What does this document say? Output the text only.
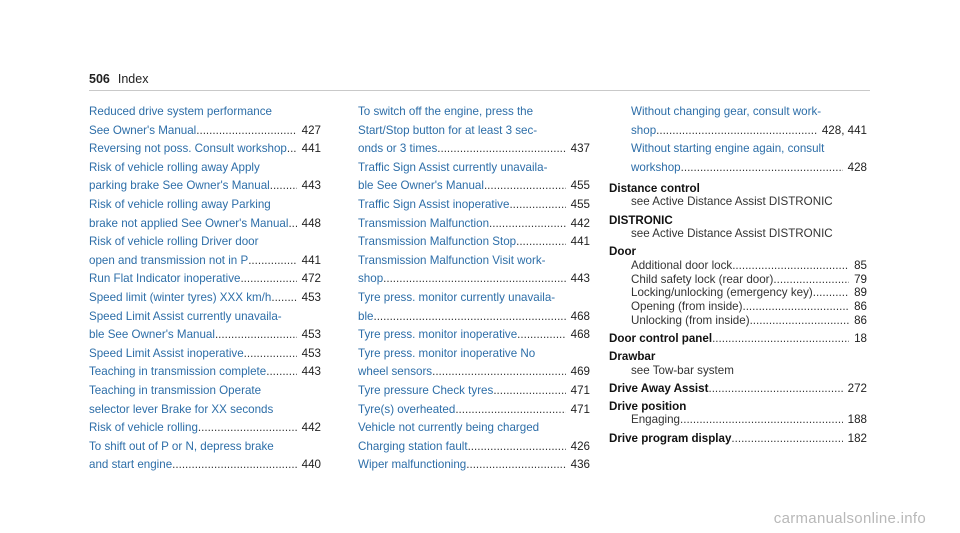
506 Index
Reduced drive system performance
See Owner's Manual .....	427
Reversing not poss. Consult workshop .....	441
Risk of vehicle rolling away Apply
parking brake See Owner's Manual .....	443
Risk of vehicle rolling away Parking
brake not applied See Owner's Manual .....	448
Risk of vehicle rolling Driver door
open and transmission not in P .....	441
Run Flat Indicator inoperative .....	472
Speed limit (winter tyres) XXX km/h .....	453
Speed Limit Assist currently unavaila-
ble See Owner's Manual .....	453
Speed Limit Assist inoperative .....	453
Teaching in transmission complete .....	443
Teaching in transmission Operate
selector lever Brake for XX seconds
Risk of vehicle rolling .....	442
To shift out of P or N, depress brake
and start engine .....	440
To switch off the engine, press the
Start/Stop button for at least 3 sec-
onds or 3 times .....	437
Traffic Sign Assist currently unavaila-
ble See Owner's Manual .....	455
Traffic Sign Assist inoperative .....	455
Transmission Malfunction .....	442
Transmission Malfunction Stop .....	441
Transmission Malfunction Visit work-
shop .....	443
Tyre press. monitor currently unavaila-
ble .....	468
Tyre press. monitor inoperative .....	468
Tyre press. monitor inoperative No
wheel sensors .....	469
Tyre pressure Check tyres .....	471
Tyre(s) overheated .....	471
Vehicle not currently being charged
Charging station fault .....	426
Wiper malfunctioning .....	436
Without changing gear, consult work-
shop .....	428, 441
Without starting engine again, consult
workshop .....	428
Distance control
see Active Distance Assist DISTRONIC
DISTRONIC
see Active Distance Assist DISTRONIC
Door
Additional door lock .....	85
Child safety lock (rear door) .....	79
Locking/unlocking (emergency key) .....	89
Opening (from inside) .....	86
Unlocking (from inside) .....	86
Door control panel .....	18
Drawbar
see Tow-bar system
Drive Away Assist .....	272
Drive position
Engaging .....	188
Drive program display .....	182
carmanualsonline.info
